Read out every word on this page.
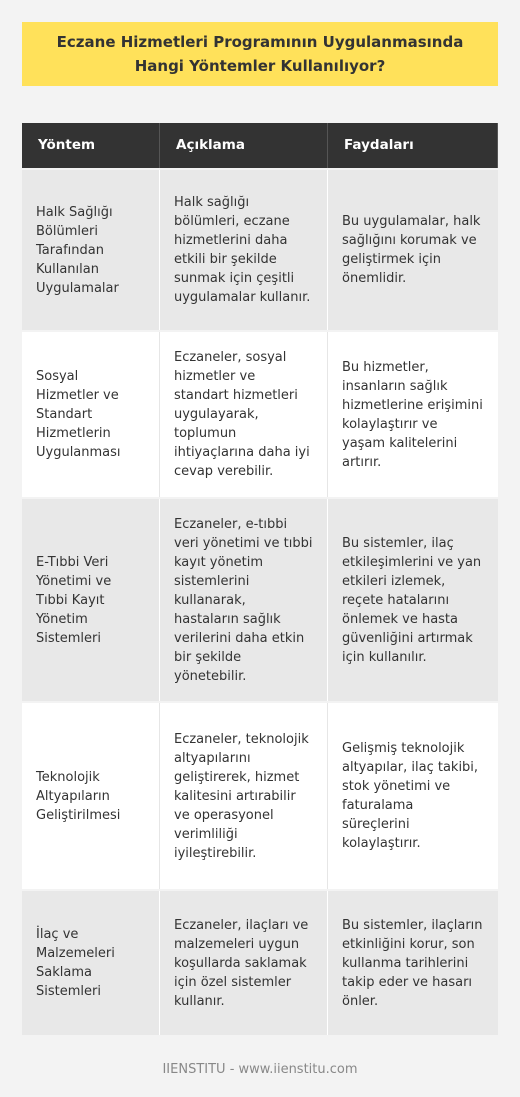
Eczane Hizmetleri Programının Uygulanmasında Hangi Yöntemler Kullanılıyor?
Yöntem	Açıklama	Faydaları
Halk Sağlığı Bölümleri Tarafından Kullanılan Uygulamalar
Halk sağlığı bölümleri, eczane hizmetlerini daha etkili bir şekilde sunmak için çeşitli uygulamalar kullanır.
Bu uygulamalar, halk sağlığını korumak ve geliştirmek için önemlidir.
Sosyal Hizmetler ve Standart Hizmetlerin Uygulanması
Eczaneler, sosyal hizmetler ve standart hizmetleri uygulayarak, toplumun ihtiyaçlarına daha iyi cevap verebilir.
Bu hizmetler, insanların sağlık hizmetlerine erişimini kolaylaştırır ve yaşam kalitelerini artırır.
E-Tıbbi Veri Yönetimi ve Tıbbi Kayıt Yönetim Sistemleri
Eczaneler, e-tıbbi veri yönetimi ve tıbbi kayıt yönetim sistemlerini kullanarak, hastaların sağlık verilerini daha etkin bir şekilde yönetebilir.
Bu sistemler, ilaç etkileşimlerini ve yan etkileri izlemek, reçete hatalarını önlemek ve hasta güvenliğini artırmak için kullanılır.
Teknolojik Altyapıların Geliştirilmesi
Eczaneler, teknolojik altyapılarını geliştirerek, hizmet kalitesini artırabilir ve operasyonel verimliliği iyileştirebilir.
Gelişmiş teknolojik altyapılar, ilaç takibi, stok yönetimi ve faturalama süreçlerini kolaylaştırır.
İlaç ve Malzemeleri Saklama Sistemleri
Eczaneler, ilaçları ve malzemeleri uygun koşullarda saklamak için özel sistemler kullanır.
Bu sistemler, ilaçların etkinliğini korur, son kullanma tarihlerini takip eder ve hasarı önler.
IIENSTITU - www.iienstitu.com
